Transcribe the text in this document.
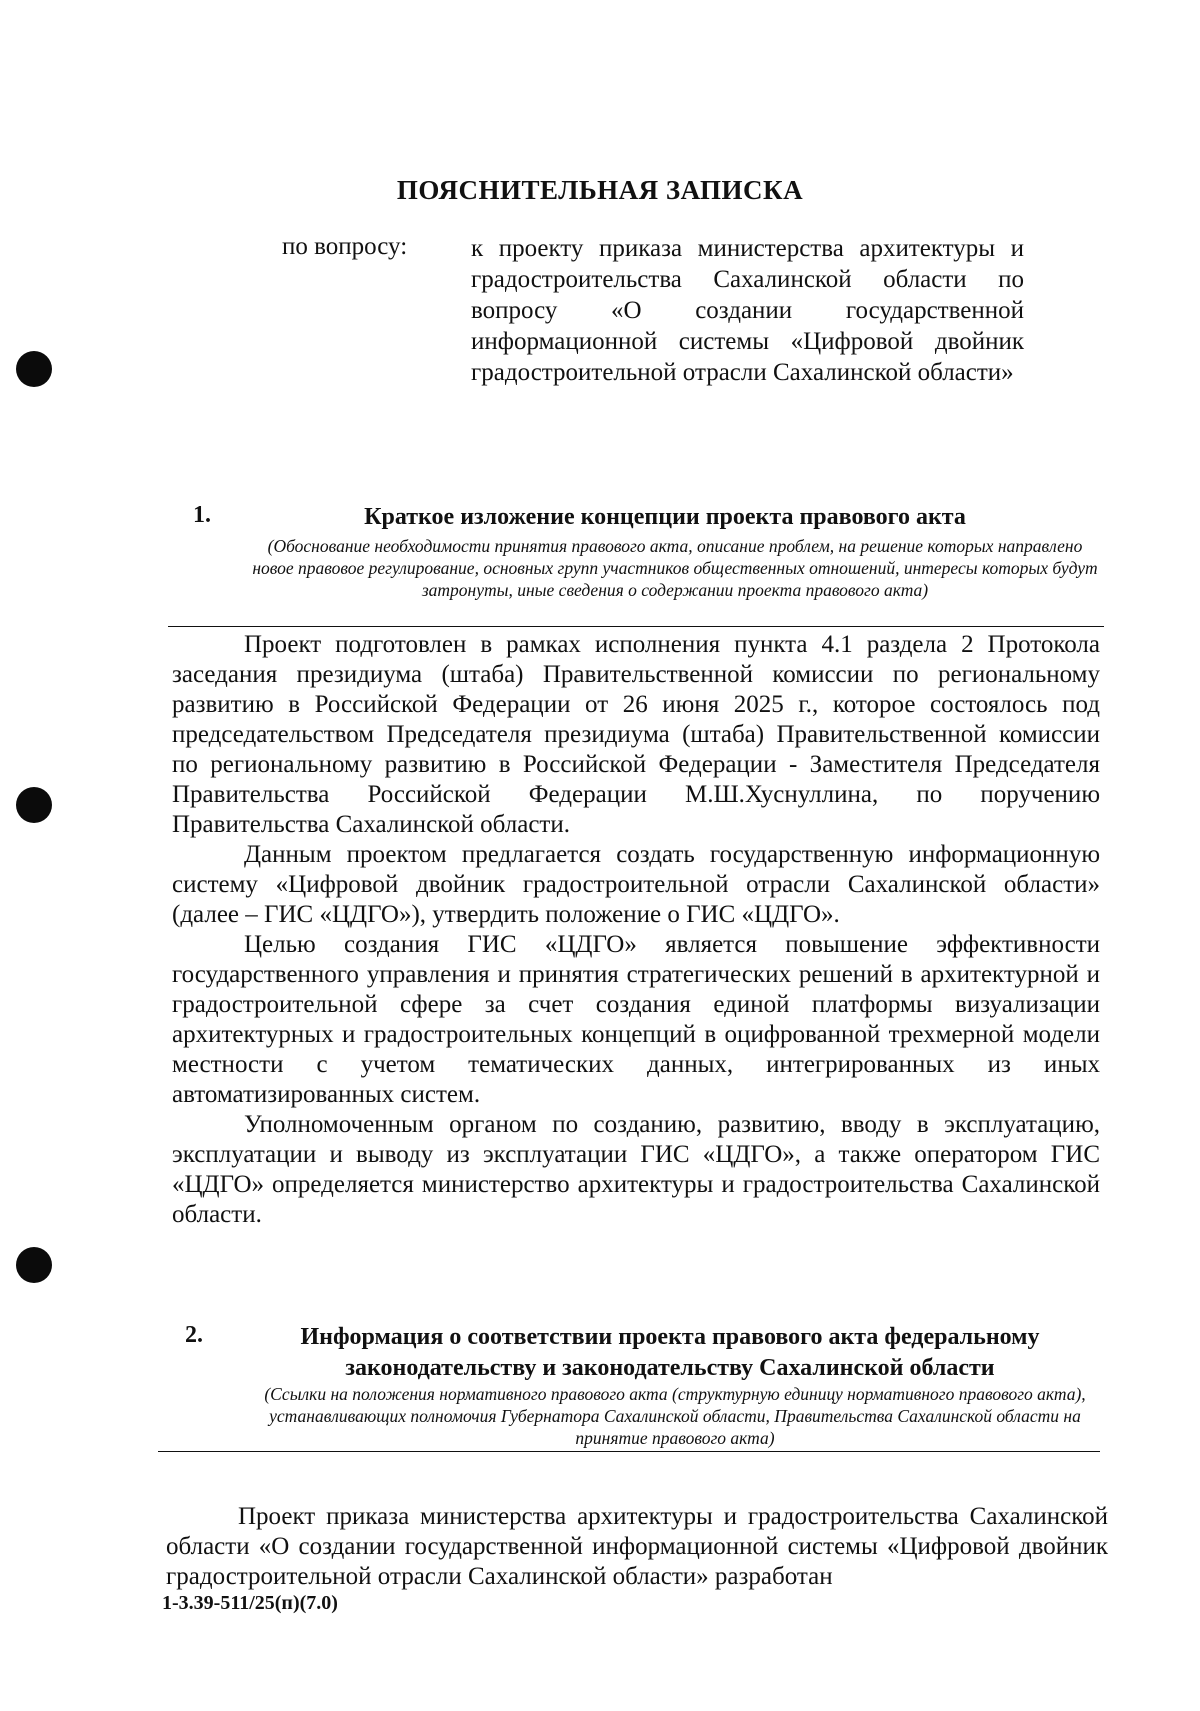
ПОЯСНИТЕЛЬНАЯ ЗАПИСКА
по вопросу:	к проекту приказа министерства архитектуры и градостроительства Сахалинской области по вопросу «О создании государственной информационной системы «Цифровой двойник градостроительной отрасли Сахалинской области»
1.	Краткое изложение концепции проекта правового акта
(Обоснование необходимости принятия правового акта, описание проблем, на решение которых направлено новое правовое регулирование, основных групп участников общественных отношений, интересы которых будут затронуты, иные сведения о содержании проекта правового акта)

Проект подготовлен в рамках исполнения пункта 4.1 раздела 2 Протокола заседания президиума (штаба) Правительственной комиссии по региональному развитию в Российской Федерации от 26 июня 2025 г., которое состоялось под председательством Председателя президиума (штаба) Правительственной комиссии по региональному развитию в Российской Федерации - Заместителя Председателя Правительства Российской Федерации М.Ш.Хуснуллина, по поручению Правительства Сахалинской области.

Данным проектом предлагается создать государственную информационную систему «Цифровой двойник градостроительной отрасли Сахалинской области» (далее – ГИС «ЦДГО»), утвердить положение о ГИС «ЦДГО».

Целью создания ГИС «ЦДГО» является повышение эффективности государственного управления и принятия стратегических решений в архитектурной и градостроительной сфере за счет создания единой платформы визуализации архитектурных и градостроительных концепций в оцифрованной трехмерной модели местности с учетом тематических данных, интегрированных из иных автоматизированных систем.

Уполномоченным органом по созданию, развитию, вводу в эксплуатацию, эксплуатации и выводу из эксплуатации ГИС «ЦДГО», а также оператором ГИС «ЦДГО» определяется министерство архитектуры и градостроительства Сахалинской области.

2.	Информация о соответствии проекта правового акта федеральному законодательству и законодательству Сахалинской области
(Ссылки на положения нормативного правового акта (структурную единицу нормативного правового акта), устанавливающих полномочия Губернатора Сахалинской области, Правительства Сахалинской области на принятие правового акта)

Проект приказа министерства архитектуры и градостроительства Сахалинской области «О создании государственной информационной системы «Цифровой двойник градостроительной отрасли Сахалинской области» разработан

1-3.39-511/25(п)(7.0)
